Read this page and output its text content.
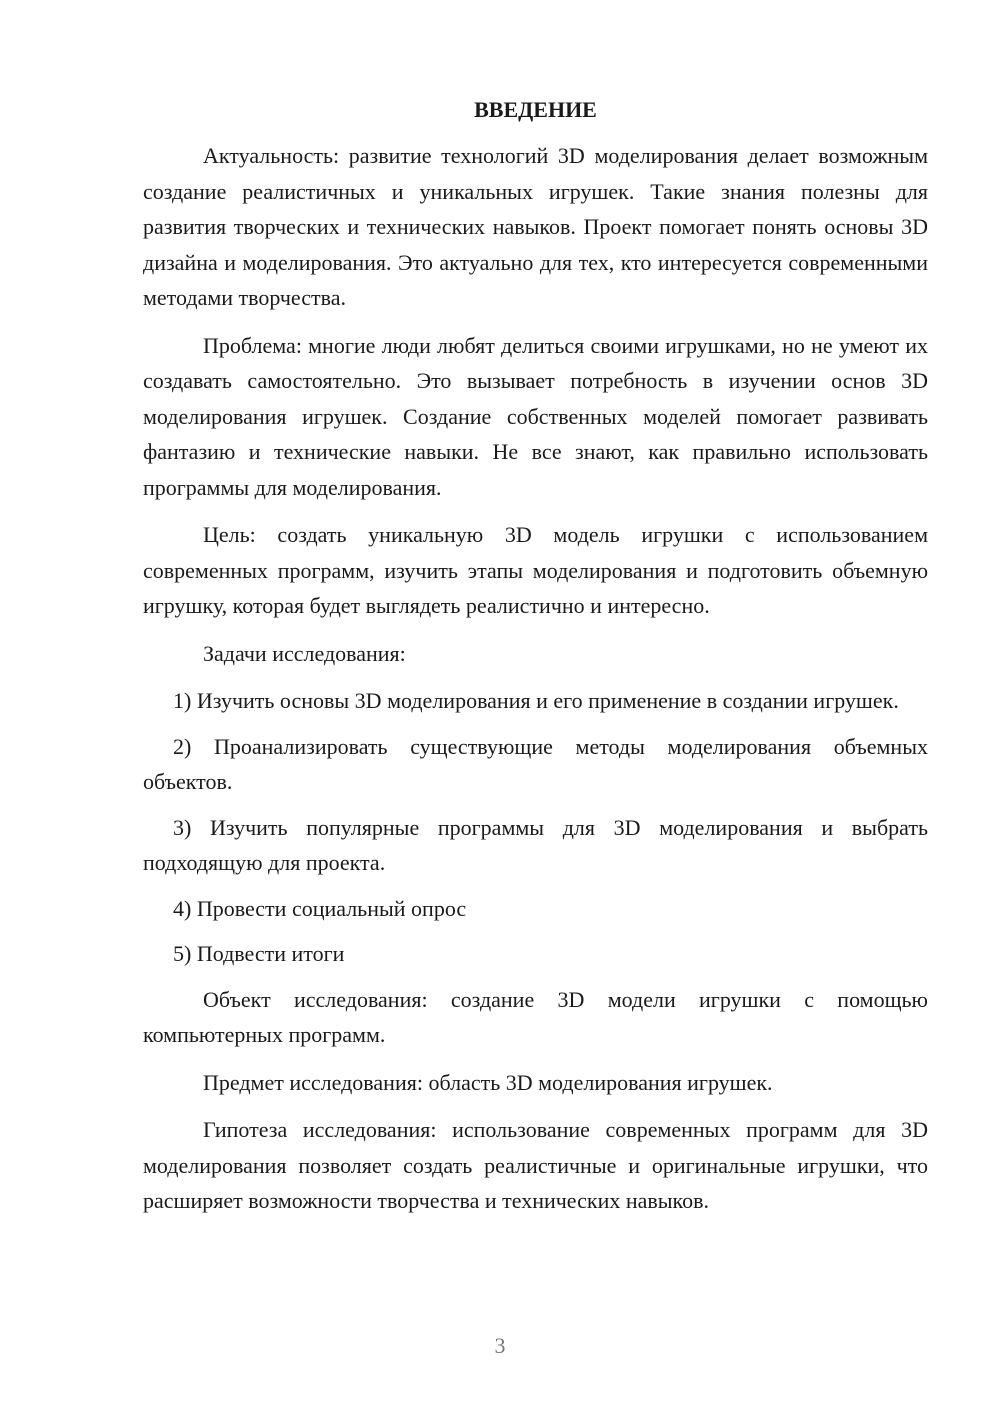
ВВЕДЕНИЕ

Актуальность: развитие технологий 3D моделирования делает возможным создание реалистичных и уникальных игрушек. Такие знания полезны для развития творческих и технических навыков. Проект помогает понять основы 3D дизайна и моделирования. Это актуально для тех, кто интересуется современными методами творчества.

Проблема: многие люди любят делиться своими игрушками, но не умеют их создавать самостоятельно. Это вызывает потребность в изучении основ 3D моделирования игрушек. Создание собственных моделей помогает развивать фантазию и технические навыки. Не все знают, как правильно использовать программы для моделирования.

Цель: создать уникальную 3D модель игрушки с использованием современных программ, изучить этапы моделирования и подготовить объемную игрушку, которая будет выглядеть реалистично и интересно.

Задачи исследования:

1) Изучить основы 3D моделирования и его применение в создании игрушек.

2) Проанализировать существующие методы моделирования объемных объектов.

3) Изучить популярные программы для 3D моделирования и выбрать подходящую для проекта.

4) Провести социальный опрос

5) Подвести итоги

Объект исследования: создание 3D модели игрушки с помощью компьютерных программ.

Предмет исследования: область 3D моделирования игрушек.

Гипотеза исследования: использование современных программ для 3D моделирования позволяет создать реалистичные и оригинальные игрушки, что расширяет возможности творчества и технических навыков.

3
